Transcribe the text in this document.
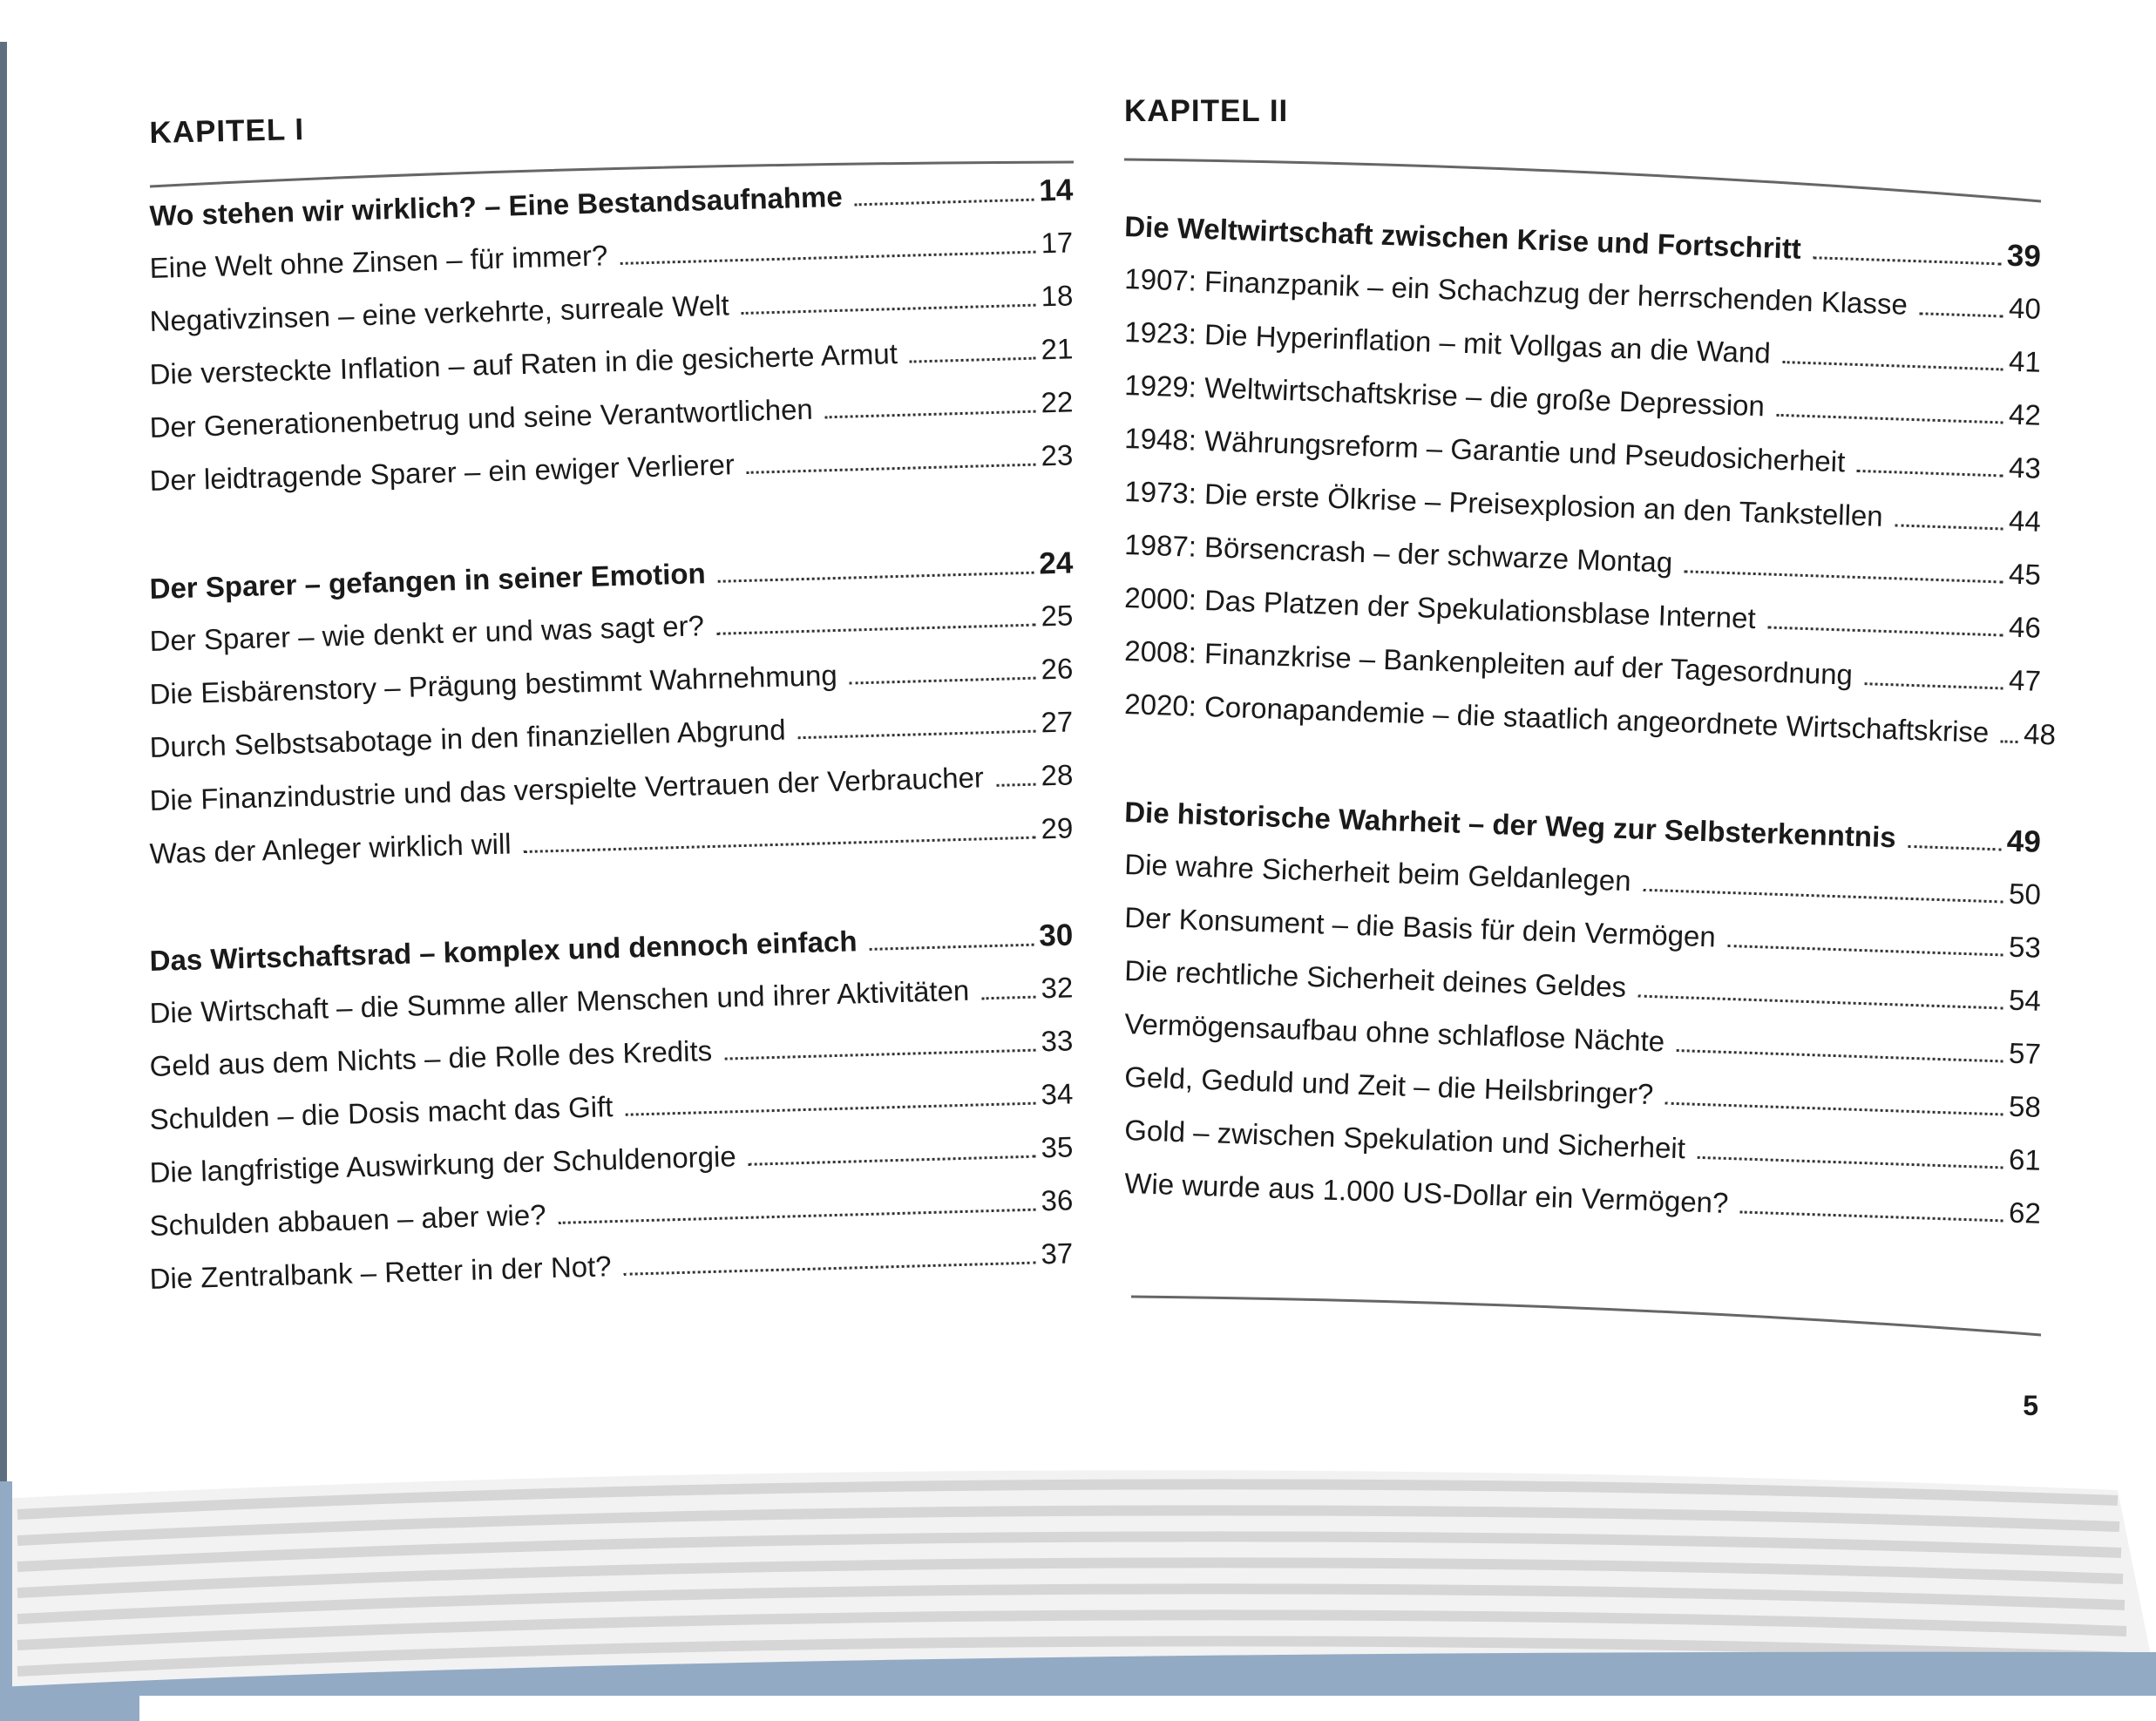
KAPITEL I
Wo stehen wir wirklich? – Eine Bestandsaufnahme	14
Eine Welt ohne Zinsen – für immer?	17
Negativzinsen – eine verkehrte, surreale Welt	18
Die versteckte Inflation – auf Raten in die gesicherte Armut	21
Der Generationenbetrug und seine Verantwortlichen	22
Der leidtragende Sparer – ein ewiger Verlierer	23
Der Sparer – gefangen in seiner Emotion	24
Der Sparer – wie denkt er und was sagt er?	25
Die Eisbärenstory – Prägung bestimmt Wahrnehmung	26
Durch Selbstsabotage in den finanziellen Abgrund	27
Die Finanzindustrie und das verspielte Vertrauen der Verbraucher	28
Was der Anleger wirklich will	29
Das Wirtschaftsrad – komplex und dennoch einfach	30
Die Wirtschaft – die Summe aller Menschen und ihrer Aktivitäten	32
Geld aus dem Nichts – die Rolle des Kredits	33
Schulden – die Dosis macht das Gift	34
Die langfristige Auswirkung der Schuldenorgie	35
Schulden abbauen – aber wie?	36
Die Zentralbank – Retter in der Not?	37
KAPITEL II
Die Weltwirtschaft zwischen Krise und Fortschritt	39
1907: Finanzpanik – ein Schachzug der herrschenden Klasse	40
1923: Die Hyperinflation – mit Vollgas an die Wand	41
1929: Weltwirtschaftskrise – die große Depression	42
1948: Währungsreform – Garantie und Pseudosicherheit	43
1973: Die erste Ölkrise – Preisexplosion an den Tankstellen	44
1987: Börsencrash – der schwarze Montag	45
2000: Das Platzen der Spekulationsblase Internet	46
2008: Finanzkrise – Bankenpleiten auf der Tagesordnung	47
2020: Coronapandemie – die staatlich angeordnete Wirtschaftskrise	48
Die historische Wahrheit – der Weg zur Selbsterkenntnis	49
Die wahre Sicherheit beim Geldanlegen	50
Der Konsument – die Basis für dein Vermögen	53
Die rechtliche Sicherheit deines Geldes	54
Vermögensaufbau ohne schlaflose Nächte	57
Geld, Geduld und Zeit – die Heilsbringer?	58
Gold – zwischen Spekulation und Sicherheit	61
Wie wurde aus 1.000 US-Dollar ein Vermögen?	62
5
